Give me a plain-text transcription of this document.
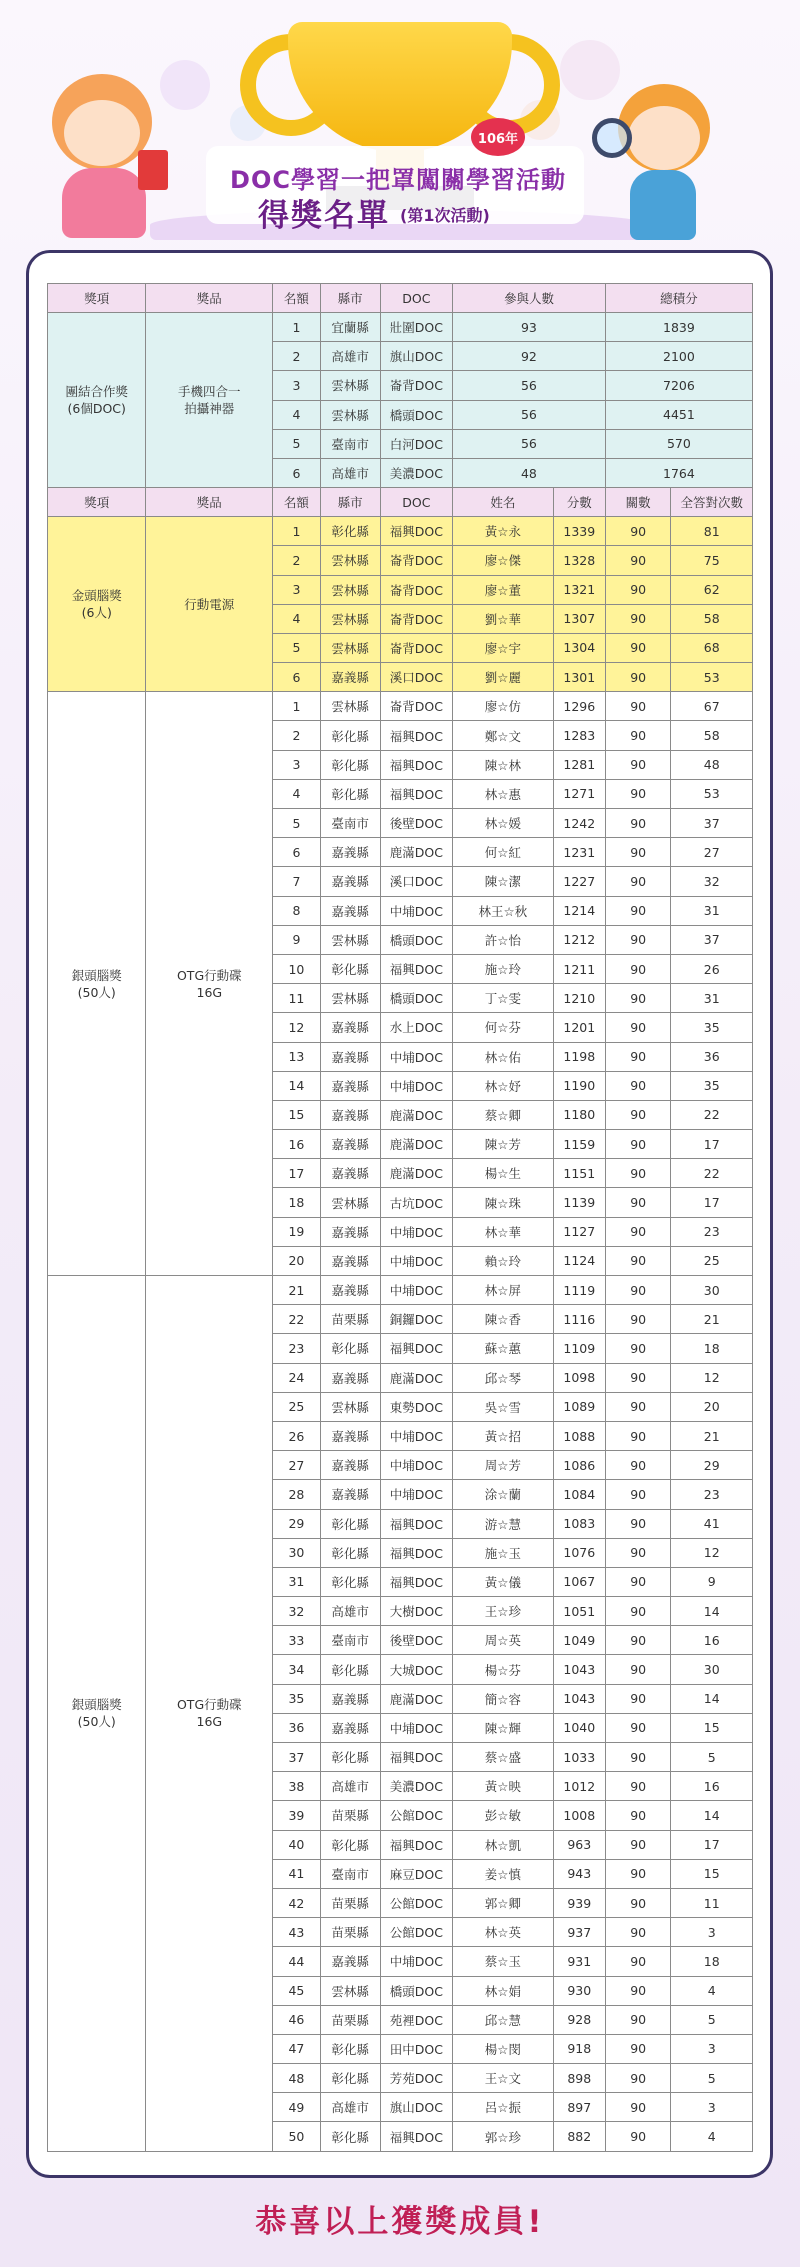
106年
DOC學習一把罩闖關學習活動
得獎名單 (第1次活動)
獎項	獎品	名額	縣市	DOC	參與人數		總積分	
團結合作獎
(6個DOC)	手機四合一
拍攝神器	1	宜蘭縣	壯圍DOC	93		1839	
		2	高雄市	旗山DOC	92		2100	
		3	雲林縣	崙背DOC	56		7206	
		4	雲林縣	橋頭DOC	56		4451	
		5	臺南市	白河DOC	56		570	
		6	高雄市	美濃DOC	48		1764	
獎項	獎品	名額	縣市	DOC	姓名	分數	關數	全答對次數
金頭腦獎
(6人)	行動電源	1	彰化縣	福興DOC	黃☆永	1339	90	81
		2	雲林縣	崙背DOC	廖☆傑	1328	90	75
		3	雲林縣	崙背DOC	廖☆董	1321	90	62
		4	雲林縣	崙背DOC	劉☆華	1307	90	58
		5	雲林縣	崙背DOC	廖☆宇	1304	90	68
		6	嘉義縣	溪口DOC	劉☆麗	1301	90	53
銀頭腦獎
(50人)	OTG行動碟
16G	1	雲林縣	崙背DOC	廖☆仿	1296	90	67
		2	彰化縣	福興DOC	鄭☆文	1283	90	58
		3	彰化縣	福興DOC	陳☆林	1281	90	48
		4	彰化縣	福興DOC	林☆惠	1271	90	53
		5	臺南市	後壁DOC	林☆媛	1242	90	37
		6	嘉義縣	鹿滿DOC	何☆紅	1231	90	27
		7	嘉義縣	溪口DOC	陳☆潔	1227	90	32
		8	嘉義縣	中埔DOC	林王☆秋	1214	90	31
		9	雲林縣	橋頭DOC	許☆怡	1212	90	37
		10	彰化縣	福興DOC	施☆玲	1211	90	26
		11	雲林縣	橋頭DOC	丁☆雯	1210	90	31
		12	嘉義縣	水上DOC	何☆芬	1201	90	35
		13	嘉義縣	中埔DOC	林☆佑	1198	90	36
		14	嘉義縣	中埔DOC	林☆妤	1190	90	35
		15	嘉義縣	鹿滿DOC	蔡☆卿	1180	90	22
		16	嘉義縣	鹿滿DOC	陳☆芳	1159	90	17
		17	嘉義縣	鹿滿DOC	楊☆生	1151	90	22
		18	雲林縣	古坑DOC	陳☆珠	1139	90	17
		19	嘉義縣	中埔DOC	林☆華	1127	90	23
		20	嘉義縣	中埔DOC	賴☆玲	1124	90	25
銀頭腦獎
(50人)	OTG行動碟
16G	21	嘉義縣	中埔DOC	林☆屏	1119	90	30
		22	苗栗縣	銅鑼DOC	陳☆香	1116	90	21
		23	彰化縣	福興DOC	蘇☆蕙	1109	90	18
		24	嘉義縣	鹿滿DOC	邱☆琴	1098	90	12
		25	雲林縣	東勢DOC	吳☆雪	1089	90	20
		26	嘉義縣	中埔DOC	黃☆招	1088	90	21
		27	嘉義縣	中埔DOC	周☆芳	1086	90	29
		28	嘉義縣	中埔DOC	涂☆蘭	1084	90	23
		29	彰化縣	福興DOC	游☆慧	1083	90	41
		30	彰化縣	福興DOC	施☆玉	1076	90	12
		31	彰化縣	福興DOC	黃☆儀	1067	90	9
		32	高雄市	大樹DOC	王☆珍	1051	90	14
		33	臺南市	後壁DOC	周☆英	1049	90	16
		34	彰化縣	大城DOC	楊☆芬	1043	90	30
		35	嘉義縣	鹿滿DOC	簡☆容	1043	90	14
		36	嘉義縣	中埔DOC	陳☆輝	1040	90	15
		37	彰化縣	福興DOC	蔡☆盛	1033	90	5
		38	高雄市	美濃DOC	黃☆映	1012	90	16
		39	苗栗縣	公館DOC	彭☆敏	1008	90	14
		40	彰化縣	福興DOC	林☆凱	963	90	17
		41	臺南市	麻豆DOC	姜☆慎	943	90	15
		42	苗栗縣	公館DOC	郭☆卿	939	90	11
		43	苗栗縣	公館DOC	林☆英	937	90	3
		44	嘉義縣	中埔DOC	蔡☆玉	931	90	18
		45	雲林縣	橋頭DOC	林☆娟	930	90	4
		46	苗栗縣	苑裡DOC	邱☆慧	928	90	5
		47	彰化縣	田中DOC	楊☆閔	918	90	3
		48	彰化縣	芳苑DOC	王☆文	898	90	5
		49	高雄市	旗山DOC	呂☆振	897	90	3
		50	彰化縣	福興DOC	郭☆珍	882	90	4
恭喜以上獲獎成員!
